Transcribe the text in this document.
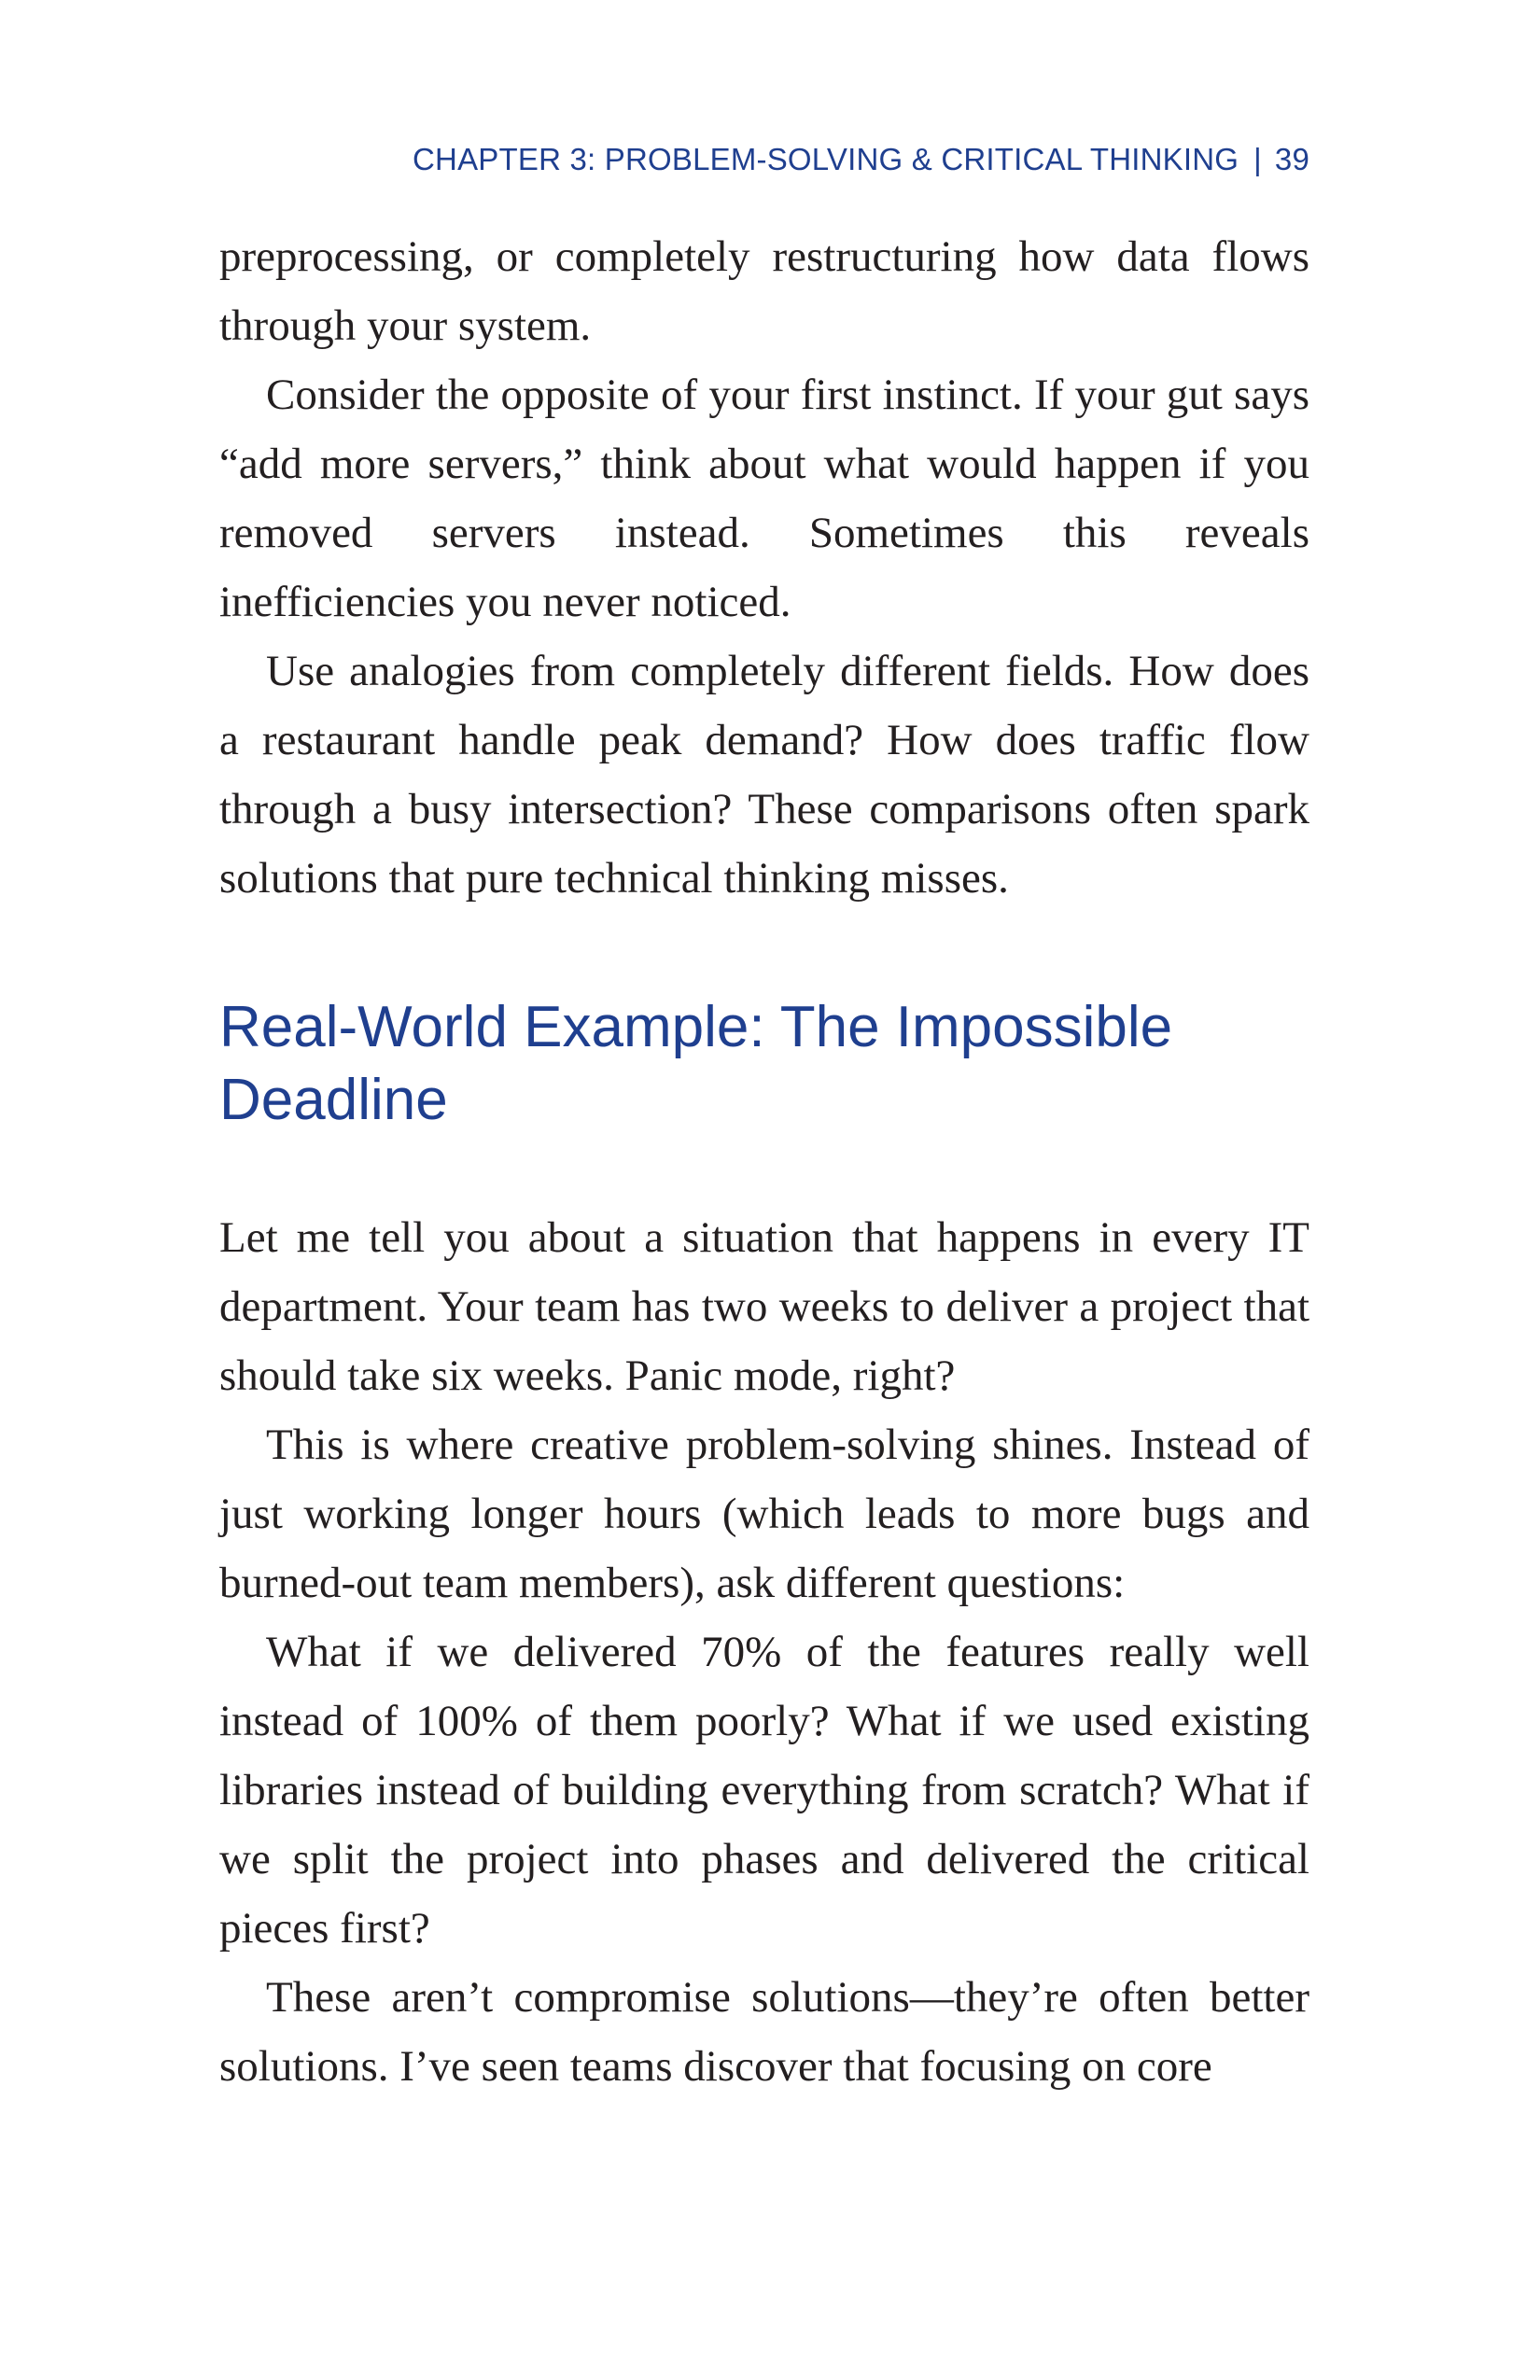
CHAPTER 3: PROBLEM-SOLVING & CRITICAL THINKING | 39

preprocessing, or completely restructuring how data flows through your system.

Consider the opposite of your first instinct. If your gut says “add more servers,” think about what would happen if you removed servers instead. Sometimes this reveals inefficiencies you never noticed.

Use analogies from completely different fields. How does a restaurant handle peak demand? How does traffic flow through a busy intersection? These comparisons often spark solutions that pure technical thinking misses.

Real-World Example: The Impossible Deadline

Let me tell you about a situation that happens in every IT department. Your team has two weeks to deliver a project that should take six weeks. Panic mode, right?

This is where creative problem-solving shines. Instead of just working longer hours (which leads to more bugs and burned-out team members), ask different questions:

What if we delivered 70% of the features really well instead of 100% of them poorly? What if we used existing libraries instead of building everything from scratch? What if we split the project into phases and delivered the critical pieces first?

These aren’t compromise solutions—they’re often better solutions. I’ve seen teams discover that focusing on core
